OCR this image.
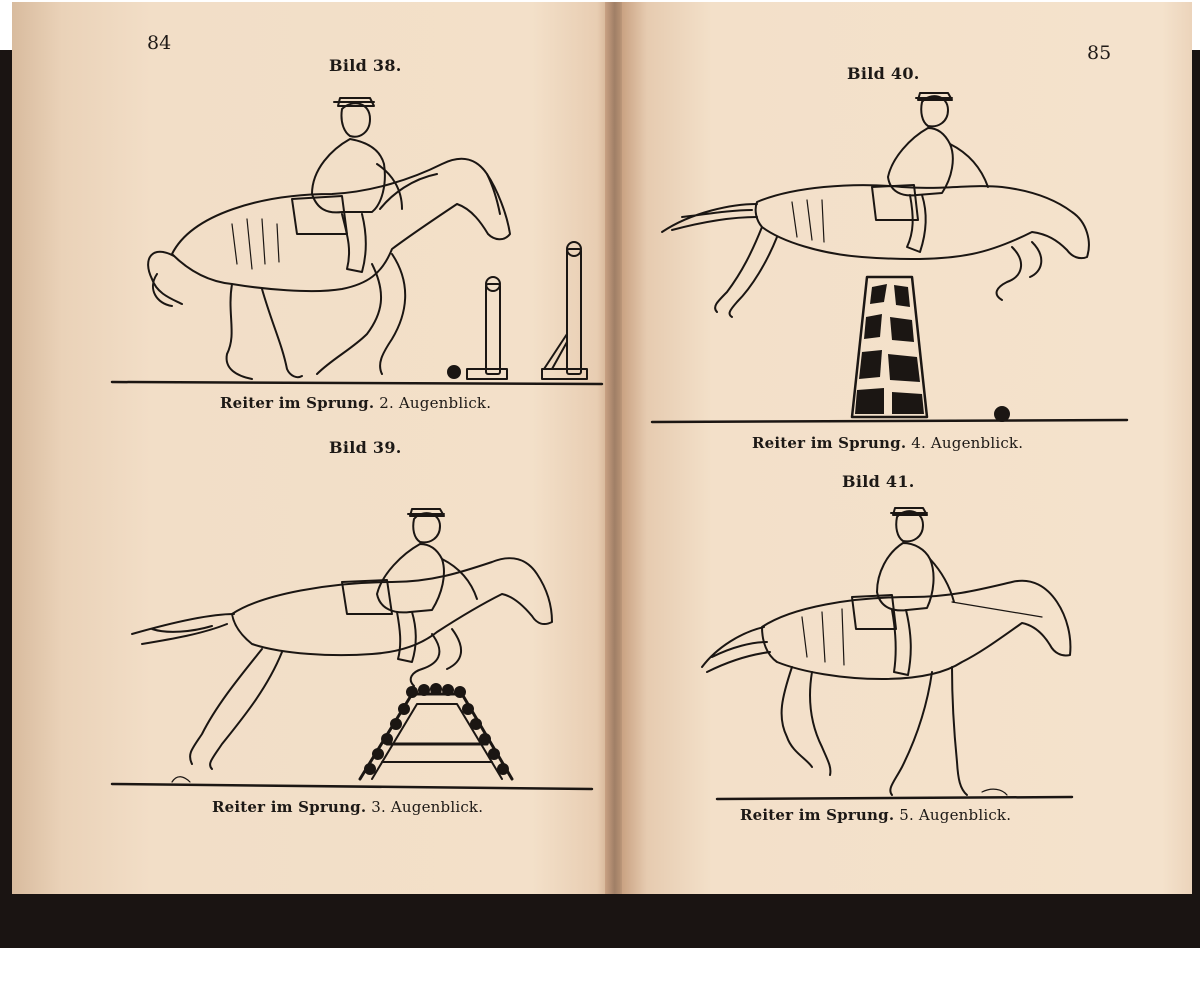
84
Bild 38.
Reiter im Sprung. 2. Augenblick.
Bild 39.
Reiter im Sprung. 3. Augenblick.
85
Bild 40.
Reiter im Sprung. 4. Augenblick.
Bild 41.
Reiter im Sprung. 5. Augenblick.
